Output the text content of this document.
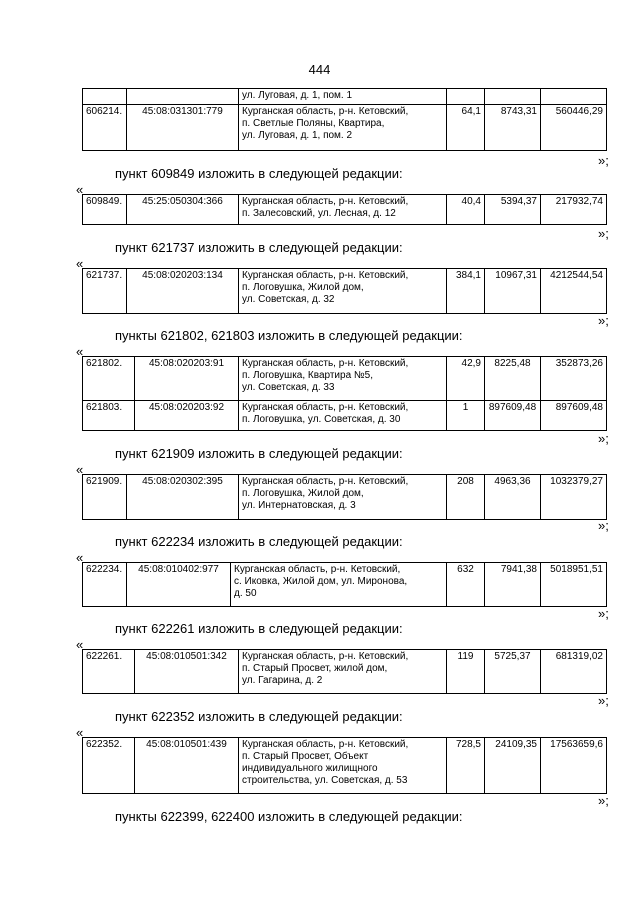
444
		ул. Луговая, д. 1, пом. 1			
606214.	45:08:031301:779	Курганская область, р-н. Кетовский,
п. Светлые Поляны, Квартира,
ул. Луговая, д. 1, пом. 2	64,1	8743,31	560446,29
»;
пункт 609849 изложить в следующей редакции:
«
609849.	45:25:050304:366	Курганская область, р-н. Кетовский,
п. Залесовский, ул. Лесная, д. 12	40,4	5394,37	217932,74
»;
пункт 621737 изложить в следующей редакции:
«
621737.	45:08:020203:134	Курганская область, р-н. Кетовский,
п. Логовушка, Жилой дом,
ул. Советская, д. 32	384,1	10967,31	4212544,54
»;
пункты 621802, 621803 изложить в следующей редакции:
«
621802.	45:08:020203:91	Курганская область, р-н. Кетовский,
п. Логовушка, Квартира №5,
ул. Советская, д. 33	42,9	8225,48	352873,26
621803.	45:08:020203:92	Курганская область, р-н. Кетовский,
п. Логовушка, ул. Советская, д. 30	1	897609,48	897609,48
»;
пункт 621909 изложить в следующей редакции:
«
621909.	45:08:020302:395	Курганская область, р-н. Кетовский,
п. Логовушка, Жилой дом,
ул. Интернатовская, д. 3	208	4963,36	1032379,27
»;
пункт 622234 изложить в следующей редакции:
«
622234.	45:08:010402:977	Курганская область, р-н. Кетовский,
с. Иковка, Жилой дом, ул. Миронова,
д. 50	632	7941,38	5018951,51
»;
пункт 622261 изложить в следующей редакции:
«
622261.	45:08:010501:342	Курганская область, р-н. Кетовский,
п. Старый Просвет, жилой дом,
ул. Гагарина, д. 2	119	5725,37	681319,02
»;
пункт 622352 изложить в следующей редакции:
«
622352.	45:08:010501:439	Курганская область, р-н. Кетовский,
п. Старый Просвет, Объект
индивидуального жилищного
строительства, ул. Советская, д. 53	728,5	24109,35	17563659,6
»;
пункты 622399, 622400 изложить в следующей редакции:
